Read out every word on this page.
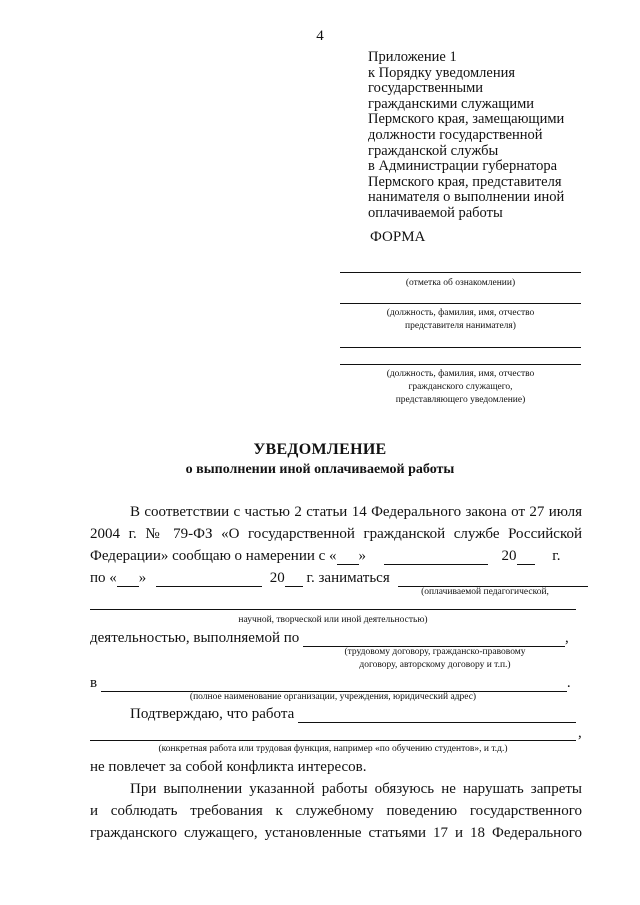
4
Приложение 1
к Порядку уведомления
государственными
гражданскими служащими
Пермского края, замещающими
должности государственной
гражданской службы
в Администрации губернатора
Пермского края, представителя
нанимателя о выполнении иной
оплачиваемой работы
ФОРМА
(отметка об ознакомлении)
(должность, фамилия, имя, отчество
представителя нанимателя)
(должность, фамилия, имя, отчество
гражданского служащего,
представляющего уведомление)
УВЕДОМЛЕНИЕ
о выполнении иной оплачиваемой работы
В соответствии с частью 2 статьи 14 Федерального закона от 27 июля
2004 г. № 79-ФЗ «О государственной гражданской службе Российской
Федерации» сообщаю о намерении с « »	20 г.
по « »	20 г. заниматься
(оплачиваемой педагогической,
научной, творческой или иной деятельностью)
деятельностью, выполняемой по	,
(трудовому договору, гражданско-правовому
договору, авторскому договору и т.п.)
в	.
(полное наименование организации, учреждения, юридический адрес)
Подтверждаю, что работа
,
(конкретная работа или трудовая функция, например «по обучению студентов», и т.д.)
не повлечет за собой конфликта интересов.
При выполнении указанной работы обязуюсь не нарушать запреты
и соблюдать требования к служебному поведению государственного
гражданского служащего, установленные статьями 17 и 18 Федерального
